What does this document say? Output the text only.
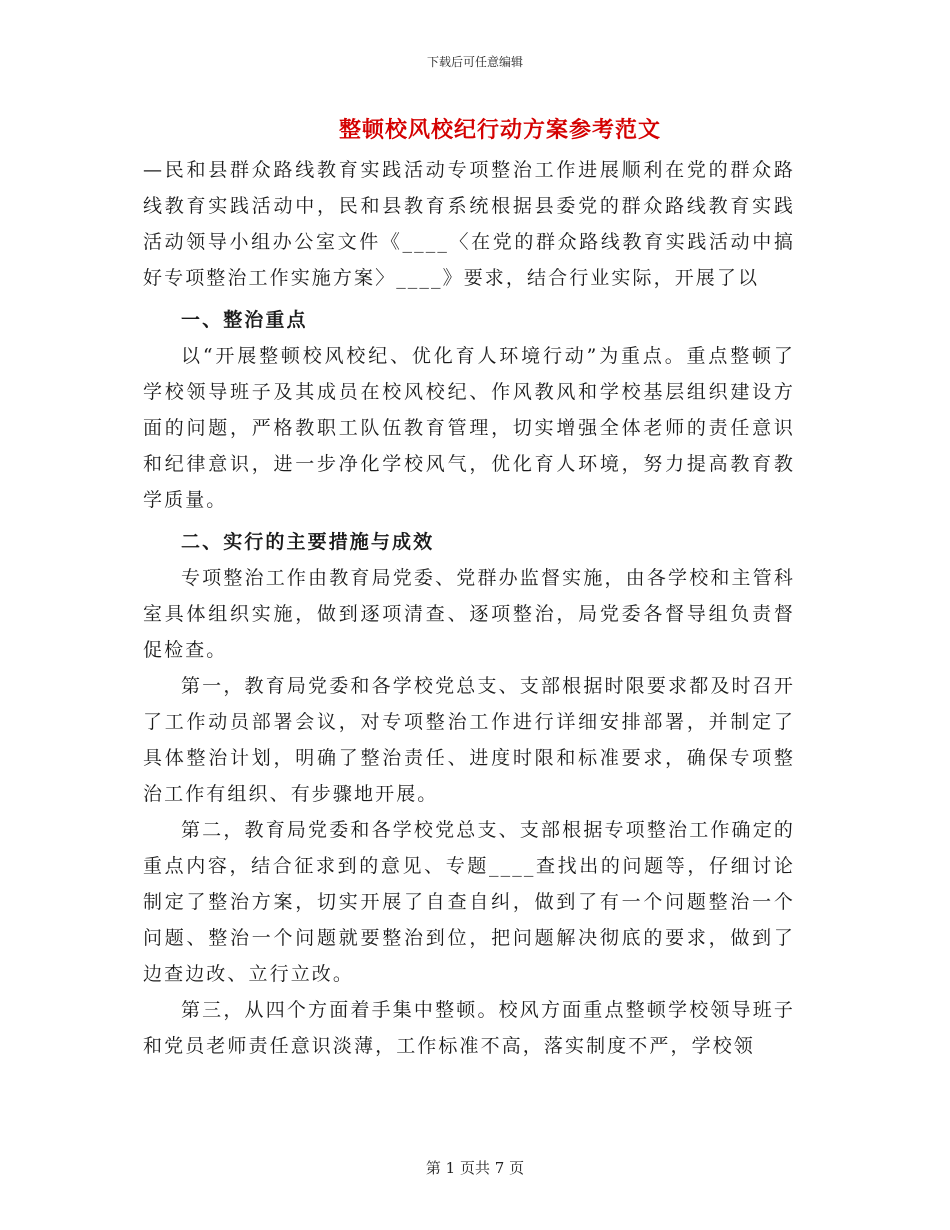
下载后可任意编辑
整顿校风校纪行动方案参考范文

—民和县群众路线教育实践活动专项整治工作进展顺利在党的群众路线教育实践活动中，民和县教育系统根据县委党的群众路线教育实践活动领导小组办公室文件《____〈在党的群众路线教育实践活动中搞好专项整治工作实施方案〉____》要求，结合行业实际，开展了以

一、整治重点

以“开展整顿校风校纪、优化育人环境行动”为重点。重点整顿了学校领导班子及其成员在校风校纪、作风教风和学校基层组织建设方面的问题，严格教职工队伍教育管理，切实增强全体老师的责任意识和纪律意识，进一步净化学校风气，优化育人环境，努力提高教育教学质量。

二、实行的主要措施与成效

专项整治工作由教育局党委、党群办监督实施，由各学校和主管科室具体组织实施，做到逐项清查、逐项整治，局党委各督导组负责督促检查。

第一，教育局党委和各学校党总支、支部根据时限要求都及时召开了工作动员部署会议，对专项整治工作进行详细安排部署，并制定了具体整治计划，明确了整治责任、进度时限和标准要求，确保专项整治工作有组织、有步骤地开展。

第二，教育局党委和各学校党总支、支部根据专项整治工作确定的重点内容，结合征求到的意见、专题____查找出的问题等，仔细讨论制定了整治方案，切实开展了自查自纠，做到了有一个问题整治一个问题、整治一个问题就要整治到位，把问题解决彻底的要求，做到了边查边改、立行立改。

第三，从四个方面着手集中整顿。校风方面重点整顿学校领导班子和党员老师责任意识淡薄，工作标准不高，落实制度不严，学校领

第 1 页共 7 页
